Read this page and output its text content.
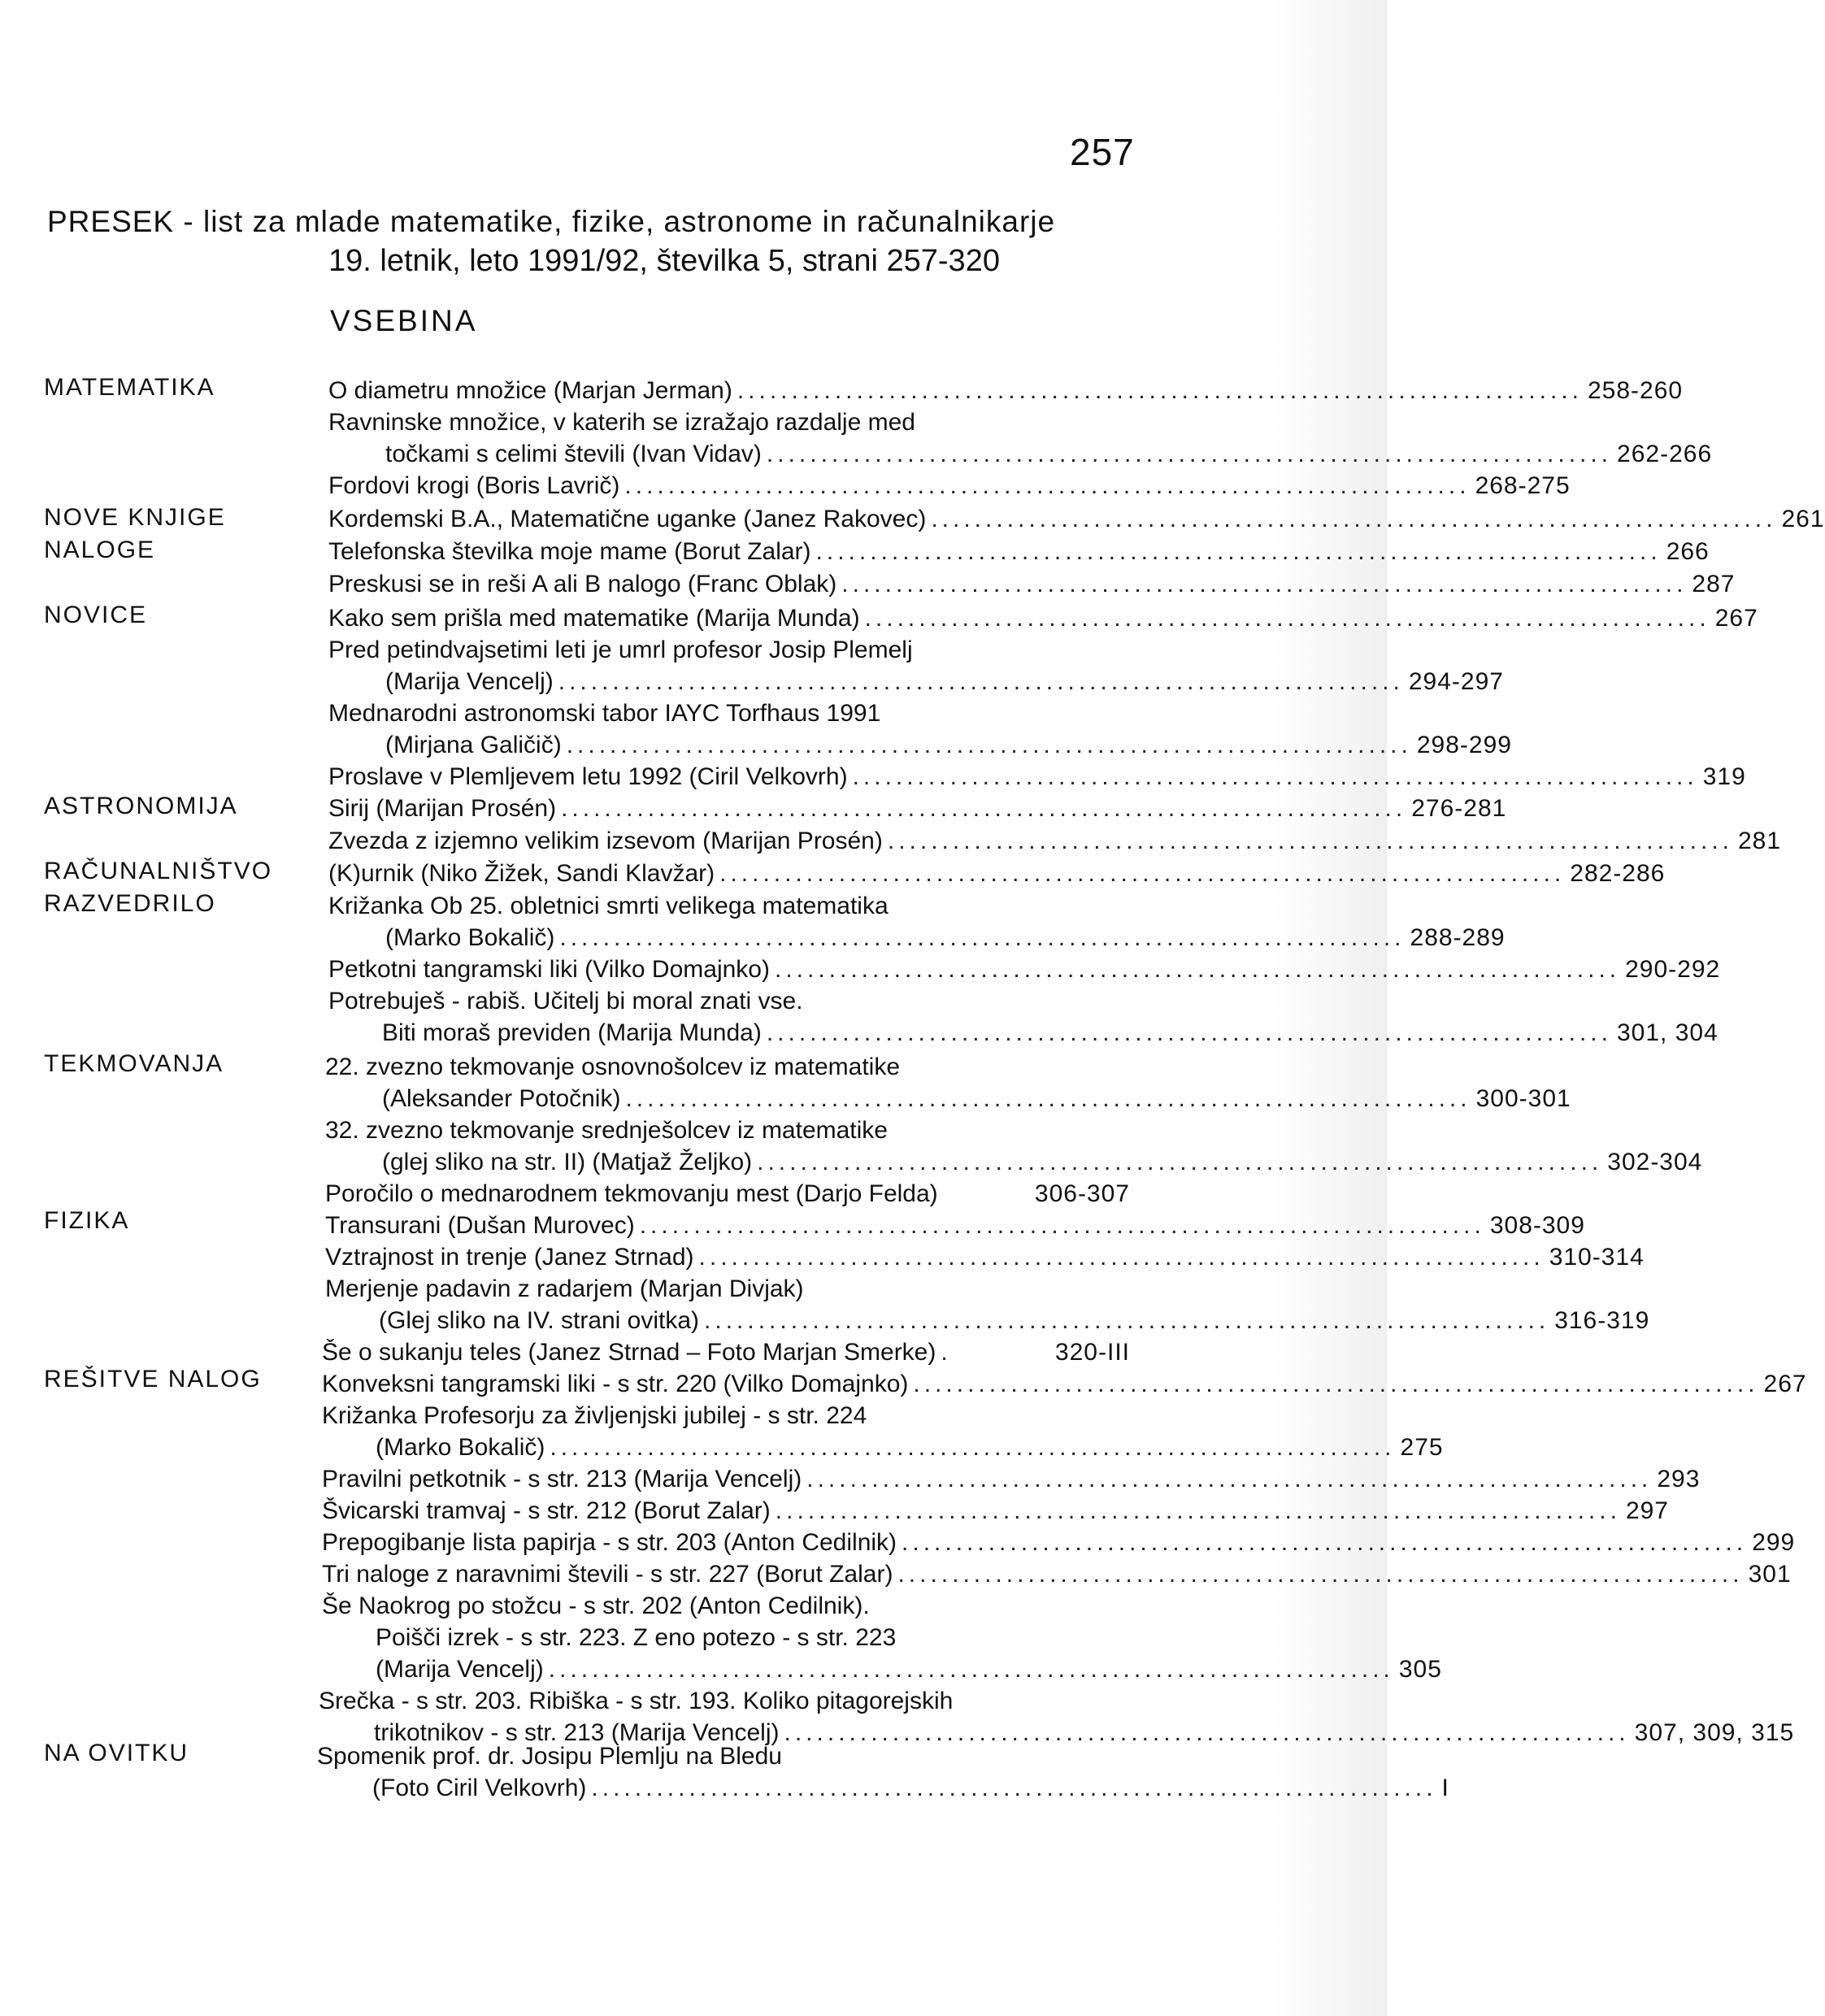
257
PRESEK - list za mlade matematike, fizike, astronome in računalnikarje
19. letnik, leto 1991/92, številka 5, strani 257-320
VSEBINA
MATEMATIKA
NOVE KNJIGE
NALOGE
NOVICE
ASTRONOMIJA
RAČUNALNIŠTVO
RAZVEDRILO
TEKMOVANJA
FIZIKA
REŠITVE NALOG
NA OVITKU
O diametru množice (Marjan Jerman) .............................................................................. 258-260
Ravninske množice, v katerih se izražajo razdalje med
točkami s celimi števili (Ivan Vidav) .............................................................................. 262-266
Fordovi krogi (Boris Lavrič) .............................................................................. 268-275
Kordemski B.A., Matematične uganke (Janez Rakovec) .............................................................................. 261
Telefonska številka moje mame (Borut Zalar) .............................................................................. 266
Preskusi se in reši A ali B nalogo (Franc Oblak) .............................................................................. 287
Kako sem prišla med matematike (Marija Munda) .............................................................................. 267
Pred petindvajsetimi leti je umrl profesor Josip Plemelj
(Marija Vencelj) .............................................................................. 294-297
Mednarodni astronomski tabor IAYC Torfhaus 1991
(Mirjana Galičič) .............................................................................. 298-299
Proslave v Plemljevem letu 1992 (Ciril Velkovrh) .............................................................................. 319
Sirij (Marijan Prosén) .............................................................................. 276-281
Zvezda z izjemno velikim izsevom (Marijan Prosén) .............................................................................. 281
(K)urnik (Niko Žižek, Sandi Klavžar) .............................................................................. 282-286
Križanka Ob 25. obletnici smrti velikega matematika
(Marko Bokalič) .............................................................................. 288-289
Petkotni tangramski liki (Vilko Domajnko) .............................................................................. 290-292
Potrebuješ - rabiš. Učitelj bi moral znati vse.
Biti moraš previden (Marija Munda) .............................................................................. 301, 304
22. zvezno tekmovanje osnovnošolcev iz matematike
(Aleksander Potočnik) .............................................................................. 300-301
32. zvezno tekmovanje srednješolcev iz matematike
(glej sliko na str. II) (Matjaž Željko) .............................................................................. 302-304
Poročilo o mednarodnem tekmovanju mest (Darjo Felda)	306-307
Transurani (Dušan Murovec) .............................................................................. 308-309
Vztrajnost in trenje (Janez Strnad) .............................................................................. 310-314
Merjenje padavin z radarjem (Marjan Divjak)
(Glej sliko na IV. strani ovitka) .............................................................................. 316-319
Še o sukanju teles (Janez Strnad – Foto Marjan Smerke) .	320-III
Konveksni tangramski liki - s str. 220 (Vilko Domajnko) .............................................................................. 267
Križanka Profesorju za življenjski jubilej - s str. 224
(Marko Bokalič) .............................................................................. 275
Pravilni petkotnik - s str. 213 (Marija Vencelj) .............................................................................. 293
Švicarski tramvaj - s str. 212 (Borut Zalar) .............................................................................. 297
Prepogibanje lista papirja - s str. 203 (Anton Cedilnik) .............................................................................. 299
Tri naloge z naravnimi števili - s str. 227 (Borut Zalar) .............................................................................. 301
Še Naokrog po stožcu - s str. 202 (Anton Cedilnik).
Poišči izrek - s str. 223. Z eno potezo - s str. 223
(Marija Vencelj) .............................................................................. 305
Srečka - s str. 203. Ribiška - s str. 193. Koliko pitagorejskih
trikotnikov - s str. 213 (Marija Vencelj) .............................................................................. 307, 309, 315
Spomenik prof. dr. Josipu Plemlju na Bledu
(Foto Ciril Velkovrh) .............................................................................. I
